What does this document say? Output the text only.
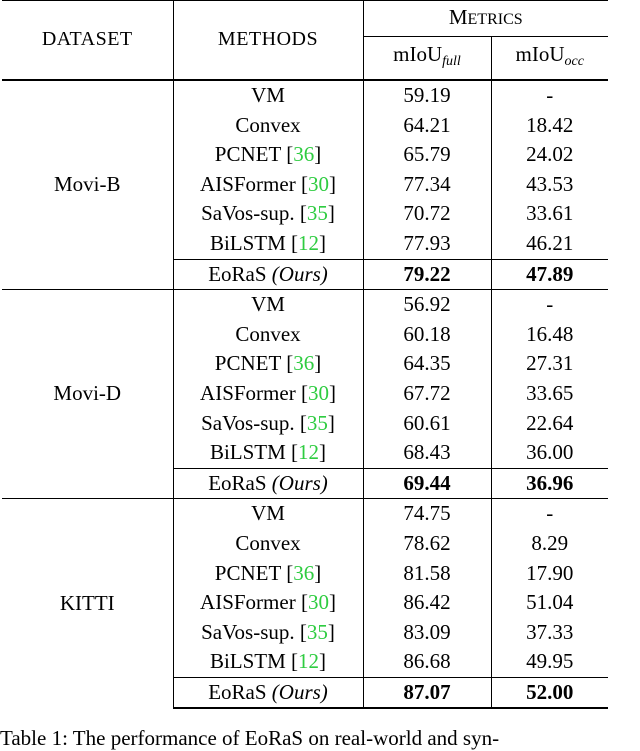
DATASET	METHODS	METRICS	
		mIoU$_{full}$	mIoU$_{occ}$
Movi-B	VM	59.19	-
	Convex	64.21	18.42
	PCNET [36]	65.79	24.02
	AISFormer [30]	77.34	43.53
	SaVos-sup. [35]	70.72	33.61
	BiLSTM [12]	77.93	46.21
	EoRaS (Ours)	79.22	47.89
Movi-D	VM	56.92	-
	Convex	60.18	16.48
	PCNET [36]	64.35	27.31
	AISFormer [30]	67.72	33.65
	SaVos-sup. [35]	60.61	22.64
	BiLSTM [12]	68.43	36.00
	EoRaS (Ours)	69.44	36.96
KITTI	VM	74.75	-
	Convex	78.62	8.29
	PCNET [36]	81.58	17.90
	AISFormer [30]	86.42	51.04
	SaVos-sup. [35]	83.09	37.33
	BiLSTM [12]	86.68	49.95
	EoRaS (Ours)	87.07	52.00
Table 1: The performance of EoRaS on real-world and syn-
